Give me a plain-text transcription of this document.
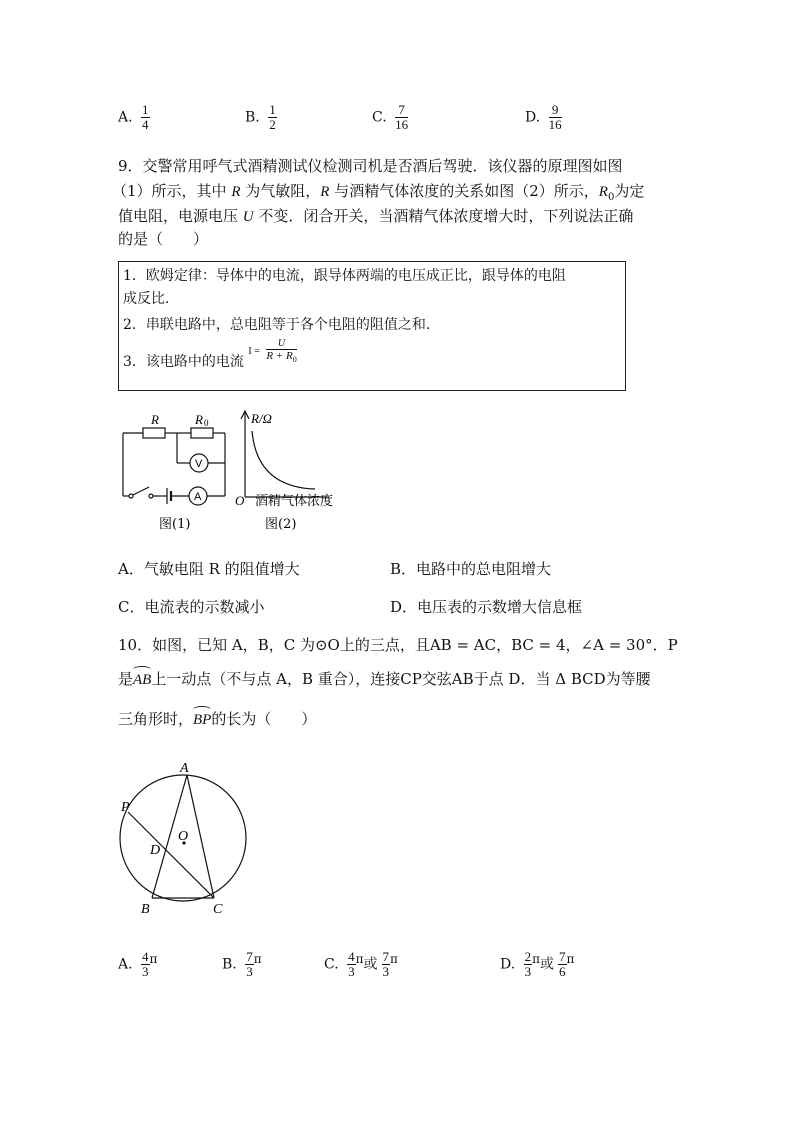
A. $\frac{1}{4}$	B. $\frac{1}{2}$	C. $\frac{7}{16}$	D. $\frac{9}{16}$
9．交警常用呼气式酒精测试仪检测司机是否酒后驾驶．该仪器的原理图如图
（1）所示，其中 R 为气敏阻，R 与酒精气体浓度的关系如图（2）所示，$R_0$为定
值电阻，电源电压 U 不变．闭合开关，当酒精气体浓度增大时，下列说法正确
的是（　　）
1．欧姆定律：导体中的电流，跟导体两端的电压成正比，跟导体的电阻
成反比.
2．串联电路中，总电阻等于各个电阻的阻值之和.
3．该电路中的电流 $^{I =} \frac{U}{R + R_0}$
R	R 0
V
A
图(1)
R/Ω
O 酒精气体浓度
图(2)
A．气敏电阻 R 的阻值增大	B．电路中的总电阻增大
C．电流表的示数减小	D．电压表的示数增大信息框
10．如图，已知 A，B，C 为⊙O上的三点，且AB = AC，BC = 4，∠A = 30°．P
是AB上一动点（不与点 A，B 重合），连接CP交弦AB于点 D．当 Δ BCD为等腰
三角形时，BP的长为（　　）
A
P
O
D
B	C
A. $\frac{4}{3}$ π	B. $\frac{7}{3}$ π	C. $\frac{4}{3}$ π或 $\frac{7}{3}$ π	D. $\frac{2}{3}$ π或 $\frac{7}{6}$ π
